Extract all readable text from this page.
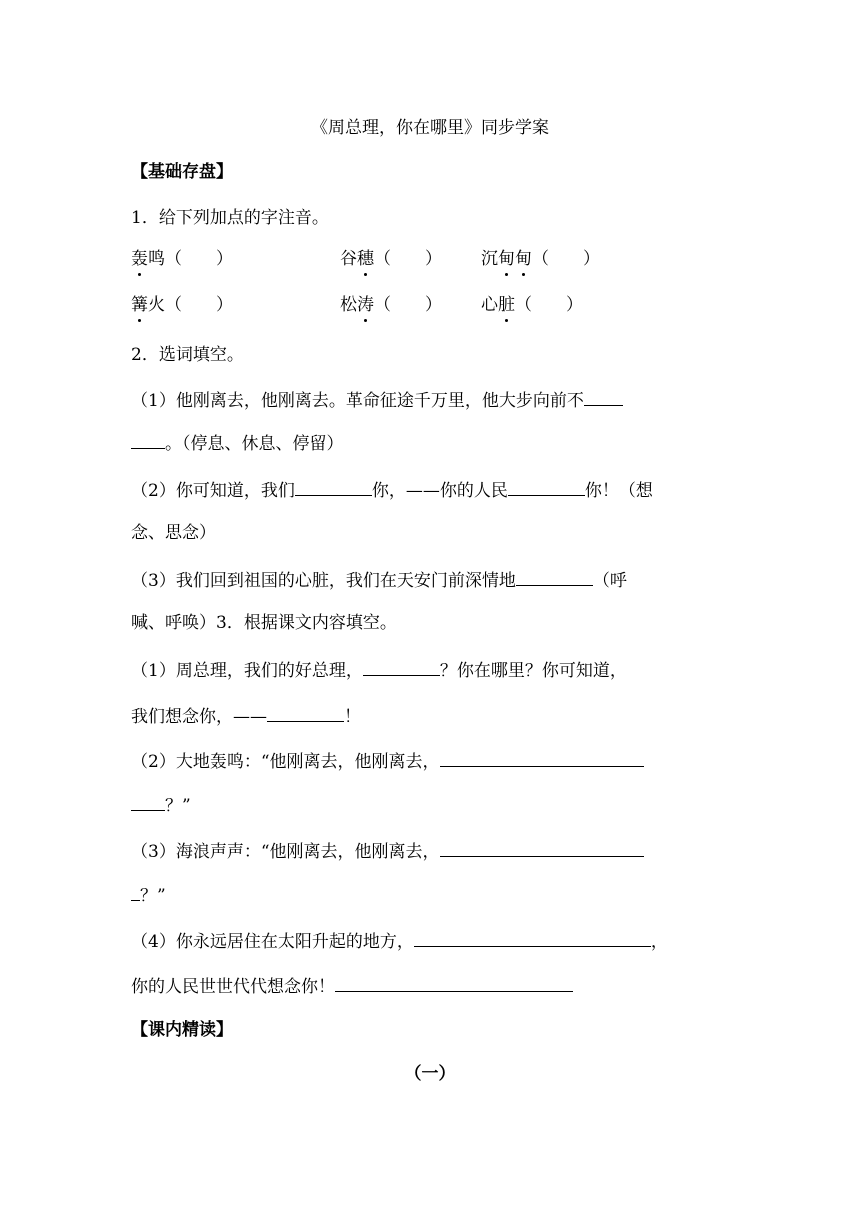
《周总理，你在哪里》同步学案
【基础存盘】
1．给下列加点的字注音。
轰鸣（　　）	谷穗（　　） 沉甸甸（　　）
篝火（　　）	松涛（　　） 心脏（　　）
2．选词填空。
（1）他刚离去，他刚离去。革命征途千万里，他大步向前不
。（停息、休息、停留）
（2）你可知道，我们	你，——你的人民	你！（想
念、思念）
（3）我们回到祖国的心脏，我们在天安门前深情地	（呼
喊、呼唤）3．根据课文内容填空。
（1）周总理，我们的好总理，	？你在哪里？你可知道，
我们想念你，——	！
（2）大地轰鸣：“他刚离去，他刚离去，
？”
（3）海浪声声：“他刚离去，他刚离去，
？”
（4）你永远居住在太阳升起的地方，	，
你的人民世世代代想念你！
【课内精读】
（一）
